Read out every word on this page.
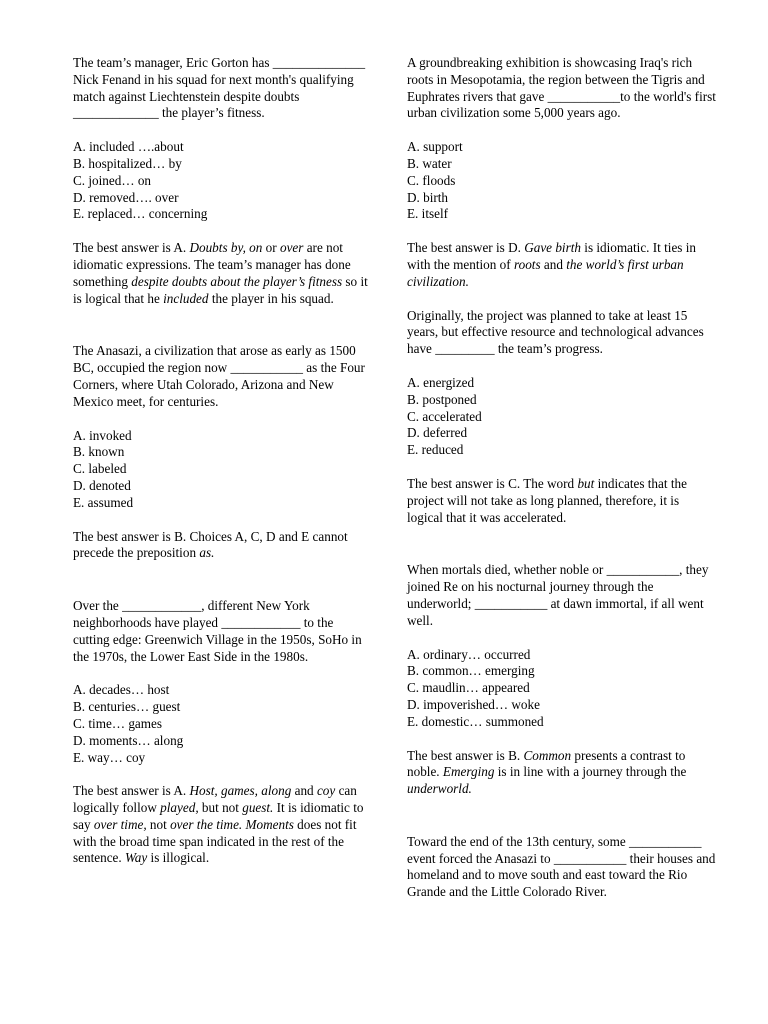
The team’s manager, Eric Gorton has ______________ Nick Fenand in his squad for next month's qualifying match against Liechtenstein despite doubts _____________ the player’s fitness.

A. included ….about
B. hospitalized… by
C. joined… on
D. removed…. over
E. replaced… concerning

The best answer is A. Doubts by, on or over are not idiomatic expressions. The team’s manager has done something despite doubts about the player’s fitness so it is logical that he included the player in his squad.

The Anasazi, a civilization that arose as early as 1500 BC, occupied the region now ___________ as the Four Corners, where Utah Colorado, Arizona and New Mexico meet, for centuries.

A. invoked
B. known
C. labeled
D. denoted
E. assumed

The best answer is B. Choices A, C, D and E cannot precede the preposition as.

Over the ____________, different New York neighborhoods have played ____________ to the cutting edge: Greenwich Village in the 1950s, SoHo in the 1970s, the Lower East Side in the 1980s.

A. decades… host
B. centuries… guest
C. time… games
D. moments… along
E. way… coy

The best answer is A. Host, games, along and coy can logically follow played, but not guest. It is idiomatic to say over time, not over the time. Moments does not fit with the broad time span indicated in the rest of the sentence. Way is illogical.

A groundbreaking exhibition is showcasing Iraq's rich roots in Mesopotamia, the region between the Tigris and Euphrates rivers that gave ___________to the world's first urban civilization some 5,000 years ago.

A. support
B. water
C. floods
D. birth
E. itself

The best answer is D. Gave birth is idiomatic. It ties in with the mention of roots and the world’s first urban civilization.

Originally, the project was planned to take at least 15 years, but effective resource and technological advances have _________ the team’s progress.

A. energized
B. postponed
C. accelerated
D. deferred
E. reduced

The best answer is C. The word but indicates that the project will not take as long planned, therefore, it is logical that it was accelerated.

When mortals died, whether noble or ___________, they joined Re on his nocturnal journey through the underworld; ___________ at dawn immortal, if all went well.

A. ordinary… occurred
B. common… emerging
C. maudlin… appeared
D. impoverished… woke
E. domestic… summoned

The best answer is B. Common presents a contrast to noble. Emerging is in line with a journey through the underworld.

Toward the end of the 13th century, some ___________ event forced the Anasazi to ___________ their houses and homeland and to move south and east toward the Rio Grande and the Little Colorado River.
